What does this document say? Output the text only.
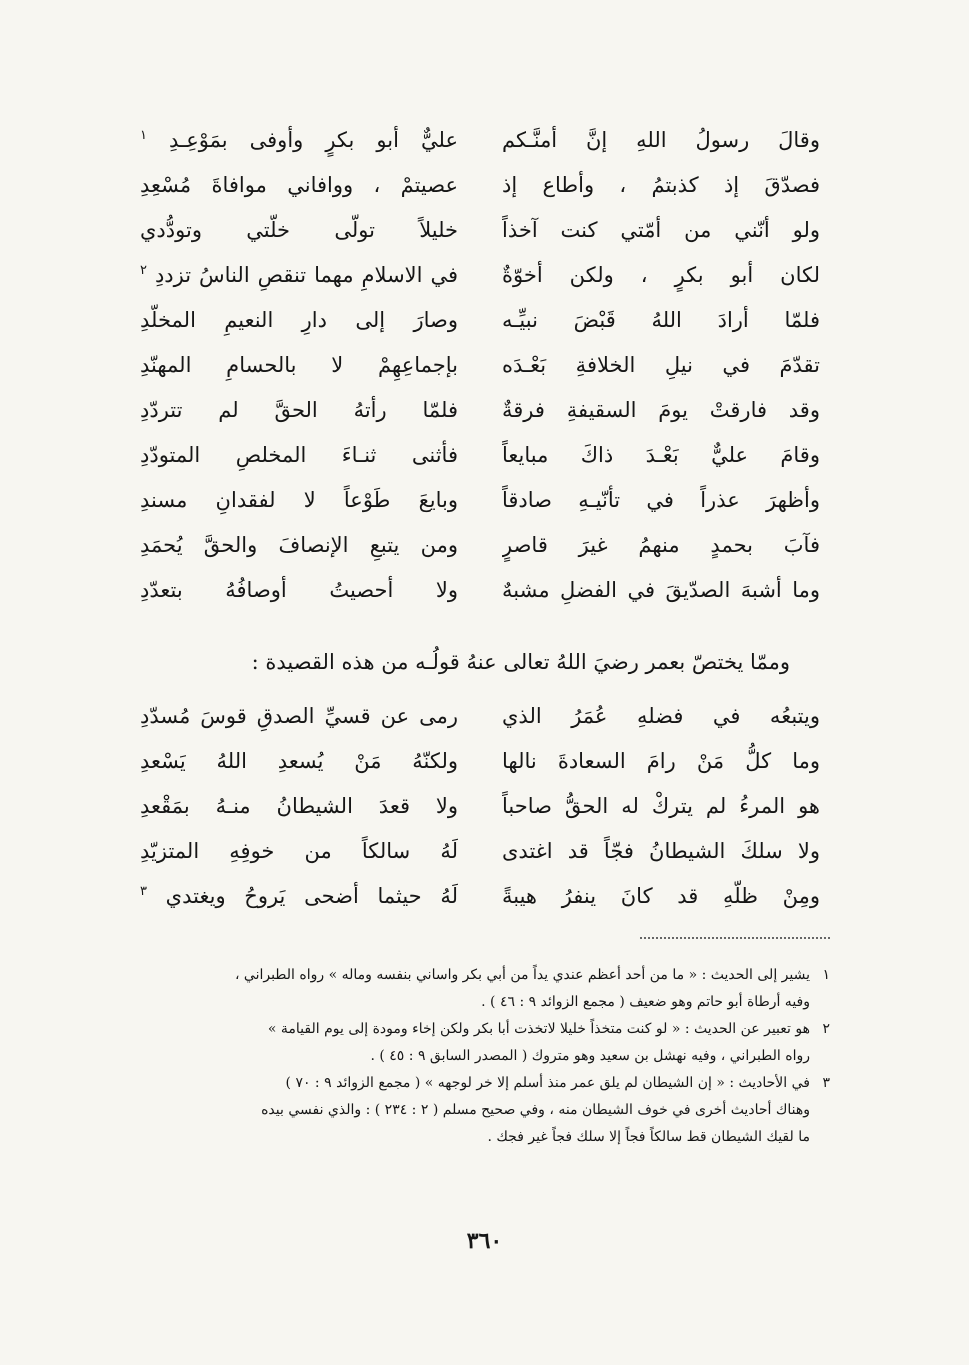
وقالَ رسولُ اللهِ إنَّ أمنَّـكم
عليٌّ أبو بكرٍ وأوفى بمَوْعِـدِ $^١$
فصدّقَ إذ كذبتمُ ، وأطاع إذ
عصيتمْ ، ووافاني موافاةَ مُسْعِدِ
ولو أنّني من أمّتي كنت آخذاً
خليلاً تولّى خلّتي وتودُّدي
لكان أبو بكرٍ ، ولكن أخوّةٌ
في الاسلامِ مهما تنقصِ الناسُ تزددِ $^٢$
فلمّا أرادَ اللهُ قَبْضَ نبيِّـه
وصارَ إلى دارِ النعيمِ المخلّدِ
تقدّمَ في نيلِ الخلافةِ بَعْـدَه
بإجماعِهِمْ لا بالحسامِ المهنّدِ
وقد فارقتْ يومَ السقيفةِ فرقةٌ
فلمّا رأتهُ الحقَّ لم تتردّدِ
وقامَ عليٌّ بَعْـدَ ذاكَ مبايعاً
فأثنى ثنـاءَ المخلصِ المتودّدِ
وأظهرَ عذراً في تأنّيـهِ صادقاً
وبايعَ طَوْعاً لا لفقدانِ مسندِ
فآبَ بحمدٍ منهمُ غيرَ قاصرٍ
ومن يتبعِ الإنصافَ والحقَّ يُحمَدِ
وما أشبهَ الصدّيقَ في الفضلِ مشبهٌ
ولا أحصيتُ أوصافُهُ بتعدّدِ
وممّا يختصّ بعمر رضيَ اللهُ تعالى عنهُ قولُـه من هذه القصيدة :
ويتبعُه في فضلهِ عُمَرُ الذي
رمى عن قسيِّ الصدقِ قوسَ مُسدّدِ
وما كلُّ مَنْ رامَ السعادةَ نالها
ولكنّهُ مَنْ يُسعدِ اللهُ يَسْعدِ
هو المرءُ لم يتركْ له الحقُّ صاحباً
ولا قعدَ الشيطانُ منـهُ بمَقْعدِ
ولا سلكَ الشيطانُ فجّاً قد اغتدى
لَهُ سالكاً من خوفِهِ المتزيّدِ
ومِنْ ظلّهِ قد كانَ ينفرُ هيبةً
لَهُ حيثما أضحى يَروحُ ويغتدي $^٣$
١يشير إلى الحديث : « ما من أحد أعظم عندي يداً من أبي بكر واساني بنفسه وماله » رواه الطبراني ،
وفيه أرطاة أبو حاتم وهو ضعيف ( مجمع الزوائد ٩ : ٤٦ ) .
٢هو تعبير عن الحديث : « لو كنت متخذاً خليلا لاتخذت أبا بكر ولكن إخاء ومودة إلى يوم القيامة »
رواه الطبراني ، وفيه نهشل بن سعيد وهو متروك ( المصدر السابق ٩ : ٤٥ ) .
٣في الأحاديث : « إن الشيطان لم يلق عمر منذ أسلم إلا خر لوجهه » ( مجمع الزوائد ٩ : ٧٠ )
وهناك أحاديث أخرى في خوف الشيطان منه ، وفي صحيح مسلم ( ٢ : ٢٣٤ ) : والذي نفسي بيده
ما لقيك الشيطان قط سالكاً فجاً إلا سلك فجاً غير فجك .
٣٦٠
